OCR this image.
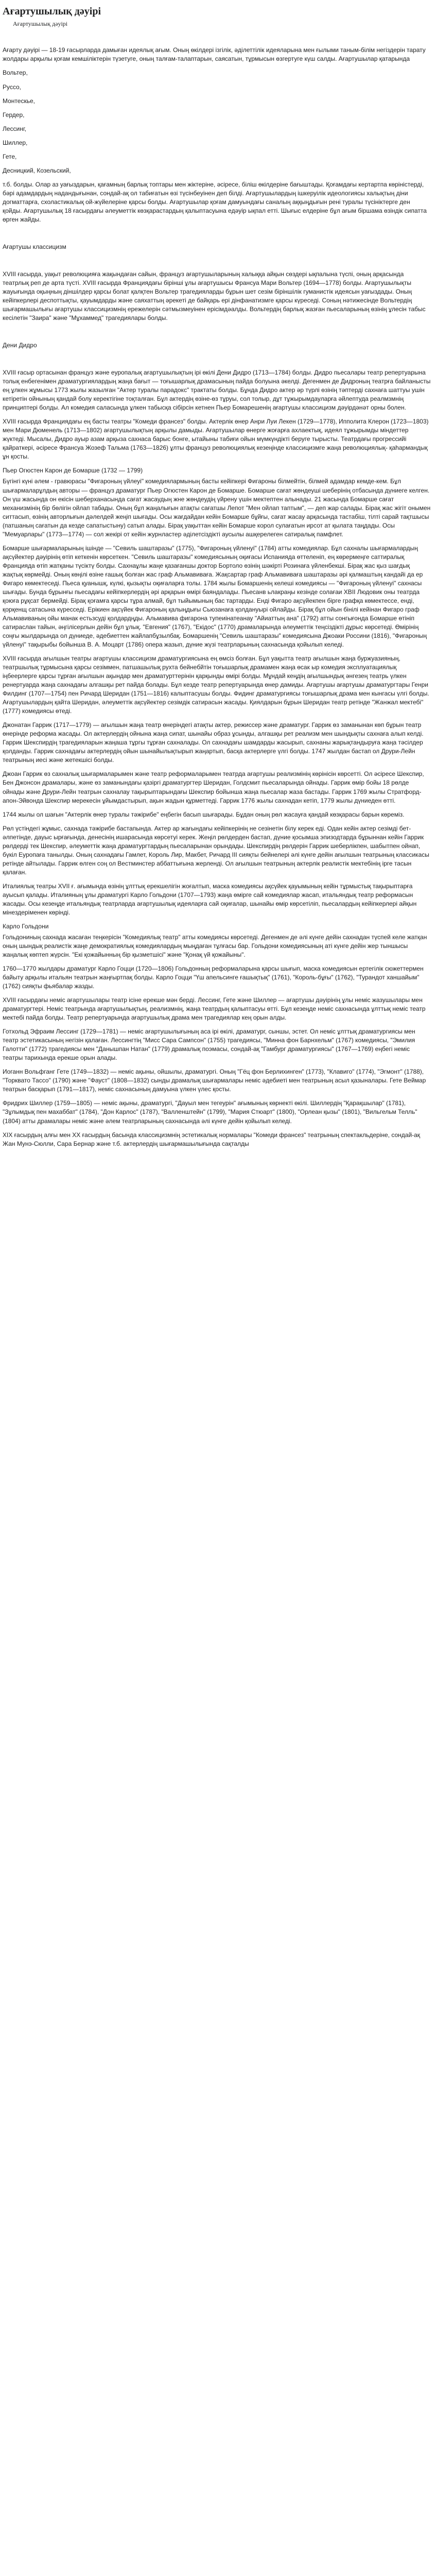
Ағартушылық дәуірі
Ағартушылық дәуірі

Ағарту дәуірі — 18-19 ғасырларда дамыған идеялық ағым. Оның өкілдері ізгілік, әділеттілік идеяларына мен ғылыми таным-білім негіздерін тарату жолдары арқылы қоғам кемшіліктерін түзетуге, оның талғам-талаптарын, саясатын, тұрмысын өзгертуге күш салды. Ағартушылар қатарында

Вольтер,
Руссо,
Монтескье,
Гердер,
Лессинг,
Шиллер,
Гете,
Десницкий, Козельский,

т.б. болды. Олар аз уағыздарын, қағамның барлық топтары мен жіктеріне, әсіресе, біліш өкілдеріне бағыштады. Қоғамдағы кертартпа көріністерді, бәрі адамдардың надандығынан, сондай-ақ ол табиғатын өзі түсінбеуінен деп білді. Ағартушылардың ішкеруілік идеологиясы халықтың діни догматтарға, схоластикалық ой-жүйелеріне қарсы болды. Ағартушылар қоғам дамуындағы саналың аққыңдығын рені туралы түсініктерге ден қойды. Ағартушылық 18 ғасырдағы әлеуметтік көзқарастардың қалыптасуына едәуір ықпал етті. Шығыс елдеріне бұл ағым біршама өзіндік сипатта өрген жайды.

Ағартушы классицизм

XVIII ғасырда, уақыт революцияға жақындаған сайын, француз ағартушыларының халыққа айқын сөздері ықпалына түспі, оның арқасында театрлық реп де арта түсті. XVIII ғасырда Франциядағы біріншi ұлы ағартушысы Франсуа Мари Вольтер (1694—1778) болды. Ағартушылықты жауығында оқыңның діншілдер қарсы болат қалқтен Вольтер трагедияларды бұрын шет сезім біріншілік гуманистік идеясын уағыздады. Оның кейіпкерлері деспоттықты, қауымдарды және саяхаттың әрекеті де байқарь ері дінфанатизмге қарсы күреседі. Соның нәтижесінде Вольтердің шығармашылығы ағартушы классицизмнің ережелерін сәтмызмеуінен ерісімдәалды. Вольтердің барлық жазған пьесаларының өзінің ұлесін табыс кесілетін "Заира" және "Мұхаммед" трагедиялары болды.

Дени Дидро

XVIII ғасыр ортасынан француз және еуропалық ағартушылықтың ірі өкілі Дени Дидро (1713—1784) болды. Дидро пьесалары театр репертуарына толық енбегенімен драматургиялардың жаңа бағыт — тоғышарлық драмасының пайда болуына әкелді. Дегенмен де Дидроның театрға байланысты ең ұлкен жұмысы 1773 жылы жазылған "Актер туралы парадокс" трактаты болды. Бұнда Дидро актер әр түрлі өзінің тәптерді сахнаға шаттуы ушін кетіретін ойнының қандай болу керектігіне тоқталған. Бұл актердің өзiнe-өз тұруы, сол толыр, дұт тұжырымдауларға әйлептуда реалмзмнің принциптері болды. Ал комедия саласында ұлкен табысқа сібірсiн кетнен Пьер Бомарешенің ағартушы классицизм дәуірдәнәт орны болен.

XVIII ғасырда Франциядағы ең басты театры "Комеди франсез" болды. Актерлік өнер Анри Луи Лекен (1729—1778), Ипполита Клерон (1723—1803) мен Мари Дюменель (1713—1802) ағартушылықтың арқылы дамыды. Ағартушылар өнерге жоғарға ахлаектық, идеял тұжырымды міндеттер жүктеді. Мысалы, Дидро ауыр азам арқыза сахнаса барыс бонге, ытайыны табиғи ойын мүмкүндікті беруге тырысты. Театрдағы прогрессийі қайраткері, әсіресе Франсуа Жозеф Тальма (1763—1826) ұлты француз революциялық кезеңiндe классицизмге жаңа революциялық- қаһармандық ұн қосты.

Пьер Огюстен Карон де Бомарше (1732 — 1799)

Бүгінгі күні әлем - гравюрасы "Фигароның үйлеуі" комедиялармының басты кейіпкері Фигароны білмейтін, білмей адамдар кемде-кем. Бұл шығармаларұлдың авторы — француз драматург Пьер Огюстен Карон де Бомарше. Бомарше сағат жөндеуші шеберінің отбасында дүниеге келген. Он үш жасында он екісін шеберханасында сағат жасаудың жне жөндеудің үйрену үшін мектептен алынады. 21 жасында Бомарше сағат механизмінің бір бөлігін ойлап табады. Оның бұл жаңалығын атақты сағатшы Лепот "Мен ойлап таптым", — деп жар салады. Бірақ жас жігіт онымен ситтасып, өзінің авторлығын дәлелдей жеңіп шығады. Осы жағдайдан кейін Бомарше бұйғы, сағат жасау арқасында тастабіш, тілті сарай тақтшысы (патшаның сағатын да кезде сапатыстыну) сатып алады. Бірақ уақыттан кейін Бомарше корол сулағатын ирсот ат қылата таңдады. Осы "Мемуарлары" (1773—1774) — сол жекірі от кейін журнластер әділетсіздікті аусылы ашқерелеген сатиралық памфлет.

Бомарше шығармаларының ішінде — "Севиль шаштаразы" (1775), "Фигароның үйленуі" (1784) атты комедиялар. Бұл сахналы шығармалардың ақсүйектер дәуірінің өтіп кеткенін көрсеткен. "Севиль шаштаразы" комедиясының оқиғасы Испанияда өттеленіп, ең көрермеңге саттиралық Францияда өтіп жатқаны түсіктү болды. Сахнаұлы жаңе қазағаншы доктор Бортоло өзінің шәкірті Розинаға үйленбекші. Бірақ жас қыз шағдық жақтық көрмейді. Оның көңілі өзіне ғашық болған жас граф Альмавиваға. Жақсартар граф Альмавиваға шаштаразы әрі қалмаштың кандайі да ер Фигаро көмектеседі. Пьеса қуанышқ, күлкі, қызықты оқиғаларға толы. 1784 жылы Бомаршенің келеші комедиясы — "Фигароның үйленуі" сахнасы шығады. Бунда бұрынғы пьесадағы кейіпкерлердің әрі арқарын өмірі баяндалады. Пьесанв ьлакраңы кезінде солағаи ХВІІ Людовик оны театрда қоюға рұқсат бермейді. Бірақ қоғамға қарсы тұра алмай, бұл тыйымының бас тартарды. Енді Фигаро ақсүйекпен бірге графқа көмектессе, енді, қорқенщ сатасына күресседі. Ерікиен ақсүйек Фигароның қалыңдығы Сьюзанаға қолдануырі ойлайды. Бірақ бұл ойын бінілі кейінан Фигаро граф Альмавиваның ойы манак естьзсуді қолдардңды. Альмавива фигарона тупеиінатеанау "Айиаттың ана" (1792) атты сонгығонда Бомарше өтініп сатираслан тайын, әңгілісерлын дейін бұл ұлық. "Евгения" (1767), "Екідос" (1770) драмаларында әлеуметтік теңсіздікті дұрыс көрсетеді. Өмірінің соңғы жылдарында ол дүниеде, әдебиеттен жайлапбұзылбақ. Бомаршенің "Севиль шаштаразы" комедиясына Джоаки Россини (1816), "Фигароның үйленуі" тақырыбы бойынша В. А. Моцарт (1786) опера жазып, дүние жүзі театрларының сахнасында қойылып келеді.

XVIII ғасырда ағылшын театры ағартушы классицизм драматургиясына ең өмсіз болған. Бұл уақытта театр ағылшын жаңа буржуазияның, театршылық тұрмысына қарсы сезіммен, патшашылық рухта бейнебйтін тоғышарлық драмамен жаңа өсак ыр комедия эксплуатациялық іңбеерлерге қарсы тұрған ағылшын ақындар мен драматурттерінiн қарқынды өмірі болды. Мұндай кеңдің ағылшындық әнгезең театрь үлкен ренертуарда жаңа сахнадағы алгашқы рет пайда болады. Бұл кезде театр репертуарында өнер дамиды. Ағартушы ағартушы драматургтары Генри Филдинг (1707—1754) пен Ричард Шеридан (1751—1816) калыптасушы болды. Фидинг драматургиясы тоғышарлық драма мен кынгасы үлгі болды. Ағартушылардың қайта Шеридан, әлеуметтік ақсүйектер сезімдік сатирасын жасады. Қиялдарын бұрын Шеридан театр ретінде "Жанжал мектебі" (1777) комедиясы өтеді.

Джонатан Гаррик (1717—1779) — ағылшын жаңа театр өнеріндeгі атақты актер, режиссер және драматург. Гаррик өз заманынан көп бұрын театр өнерінде реформа жасады. Ол актерлердің ойнына жаңа сипат, шынайы образ ұсынды, алгашқы рет реализм мен шындықты сахнаға алып келді. Гаррик Шекспирдің трагедияларын жаңаша тұргы тұрған сахналады. Ол сахнадағы шамдарды жасырып, сахнаны жарықтандыруға жаңа тәсілдер қолданды. Гаррик сахнадағы актерлердің ойын шынайылықтырып жаңартып, басқа актерлерге үлгі болды. 1747 жылдан бастап ол Друри-Лейн театрының иесі және жетекшісі болды.

Джоан Гаррик өз сахналық шығармаларымен және театр реформаларымен театрда ағартушы реализмінің көрінісін көрсетті. Ол әсіресе Шекспир, Бен Джонсон драмалары, және өз заманындағы қазіргі драматургтер Шеридан, Голдсмит пьесаларында ойнады. Гаррик өмір бойы 18 рөлде ойнады және Друри-Лейн театрын сахналау тақырыптарындағы Шекспир бойынша жаңа пьесалар жаза бастады. Гаррик 1769 жылы Стратфорд-апон-Эйвонда Шекспир мерекесін ұйымдастырып, ақын жадын құрметтеді. Гаррик 1776 жылы сахнадан кетіп, 1779 жылы дүниеден өтті.

1744 жылы ол шағын "Актерлік өнер туралы тәжірибе" еңбегін басып шығарады. Бұдан оның рөл жасауға қандай көзқарасы барын көреміз.

Рөл үстіндегі жұмыс, сахнада тәжірибе бастапында. Актер ар жағындағы кейіпкерінің не сезінетін білу керек еді. Одан кейін актер сезімді бет-әлпетінде, дауыс ырғағында, денесінің ишарасында көрсетуі керек. Жеңіл рөлдерден бастап, дүние қосымша эпизодтарда бұрыннан кейін Гаррик рөлдерді тек Шекспир, әлеуметтік жаңа драматургтардың пьесаларынан орындады. Шекспирдің рөлдерін Гаррик шеберлікпен, шабытпен ойнап, бүкіл Еуропаға танылды. Оның сахнадағы Гамлет, Король Лир, Макбет, Ричард III сияқты бейнелері әлі күнге дейін ағылшын театрының классикасы ретінде айтылады. Гаррик өлген соң ол Вестминстер аббаттығына жерленді. Ол ағылшын театрының актерлік реалистік мектебінің ірге тасын қалаған.

Италиялық театры XVII ғ. ағымында өзінің ұлттық ерекшелігін жоғалтып, маска комедиясы ақсүйек қауымының кейін тұрмыстық тақырыптарға ауысып қалады. Италияның ұлы драматургі Карло Гольдони (1707—1793) жаңа өмірге сай комедиялар жасап, итальяндық театр реформасын жасады. Осы кезеңде итальяндық театрларда ағартушылық идеяларға сай оқиғалар, шынайы өмір көрсетіліп, пьесалардың кейіпкерлері айқын мінездеріменен көрінді.

Карло Гольдони

Гольдониның сахнада жасаған теңкерісін "Комедиялық театр" атты комедиясы көрсетеді. Дегенмен де әлі күнге дейін сахнадан түспей келе жатқан оның шындық реалистік жаңе демократиялық комедиялардың мыңдаған тұлғасы бар. Гольдони комедиясының аті күнге дейін жер тыншысы жаңалық көптеп жүрсін. "Екі қожайынның бір қызметшісі" және "Қонақ үй қожайыны".

1760—1770 жылдары драматург Карло Гоцци (1720—1806) Гольдонның реформаларына қарсы шығып, маска комедиясын ертегілік сюжеттермен байыту арқылы итальян театрын жаңғыртпақ болды. Карло Гоцци "Үш апельсинге ғашықтық" (1761), "Король-бұғы" (1762), "Турандот ханшайым" (1762) сияқты фьябалар жазды.

XVIII ғасырдағы неміс ағартушылары театр ісіне ерекше мән берді. Лессинг, Гете және Шиллер — ағартушы дәуірінің ұлы неміс жазушылары мен драматургтері. Неміс театрында ағартушылықтың, реализмнің, жаңа театрдың қалыптасуы өтті. Бұл кезеңде неміс сахнасында ұлттық неміс театр мектебі пайда болды. Театр репертуарында ағартушылық драма мен трагедиялар кең орын алды.

Готхольд Эфраим Лессинг (1729—1781) — неміс ағартушылығының аса ірі өкілі, драматург, сыншы, эстет. Ол неміс ұлттық драматургиясы мен театр эстетикасының негізін қалаған. Лессингтің "Мисс Сара Сампсон" (1755) трагедиясы, "Минна фон Барнхельм" (1767) комедиясы, "Эмилия Галотти" (1772) трагедиясы мен "Данышпан Натан" (1779) драмалық поэмасы, сондай-ақ "Гамбург драматургиясы" (1767—1769) еңбегі неміс театры тарихында ерекше орын алады.

Иоганн Вольфганг Гете (1749—1832) — неміс ақыны, ойшылы, драматургі. Оның "Гёц фон Берлихинген" (1773), "Клавиго" (1774), "Эгмонт" (1788), "Торквато Тассо" (1790) және "Фауст" (1808—1832) сынды драмалық шығармалары неміс әдебиеті мен театрының асыл қазыналары. Гете Веймар театрын басқарып (1791—1817), неміс сахнасының дамуына үлкен үлес қосты.

Фридрих Шиллер (1759—1805) — неміс ақыны, драматургі, "Дауыл мен тегеурін" ағымының көрнекті өкілі. Шиллердің "Қарақшылар" (1781), "Зұлымдық пен махаббат" (1784), "Дон Карлос" (1787), "Валленштейн" (1799), "Мария Стюарт" (1800), "Орлеан қызы" (1801), "Вильгельм Телль" (1804) атты драмалары неміс және әлем театрларының сахнасында әлі күнге дейін қойылып келеді.

XIX ғасырдың алғы мен XX ғасырдың басында классицизмнің эстетикалық нормалары "Комеди франсез" театрының спектакльдеріне, сондай-ақ Жан Мунэ-Сюлли, Сара Бернар және т.б. актерлердің шығармашылығында сақталды
